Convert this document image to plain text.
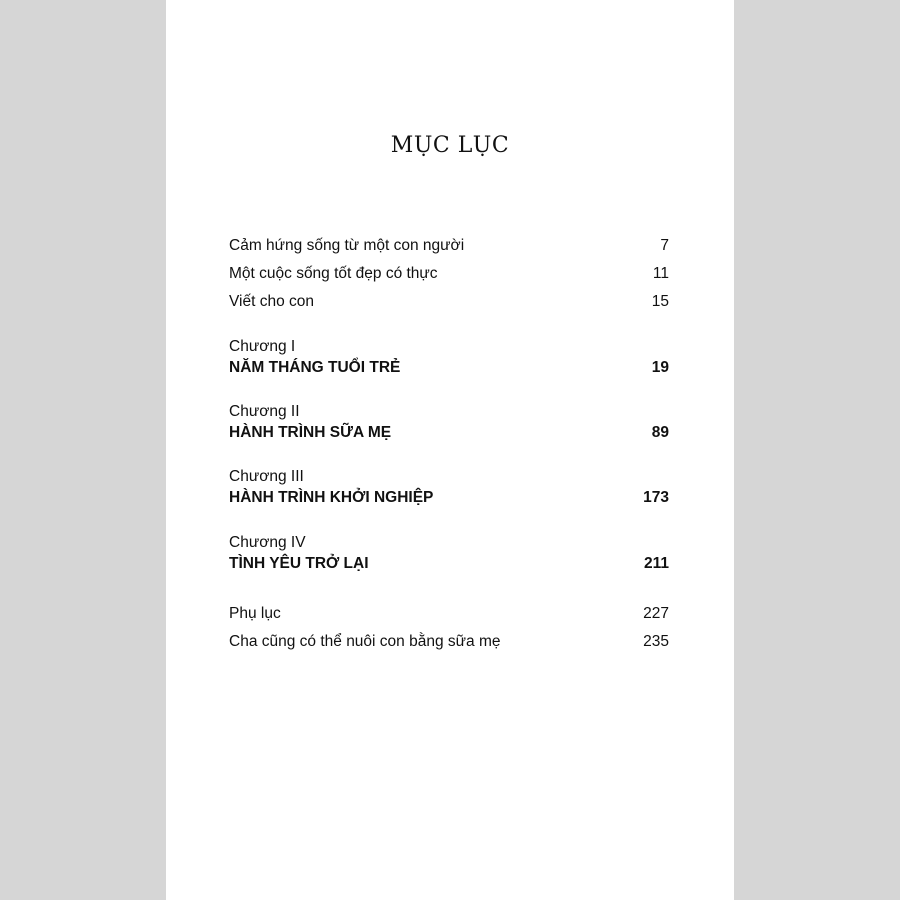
MỤC LỤC
Cảm hứng sống từ một con người	7
Một cuộc sống tốt đẹp có thực	11
Viết cho con	15
Chương I
NĂM THÁNG TUỔI TRẺ	19
Chương II
HÀNH TRÌNH SỮA MẸ	89
Chương III
HÀNH TRÌNH KHỞI NGHIỆP	173
Chương IV
TÌNH YÊU TRỞ LẠI	211
Phụ lục	227
Cha cũng có thể nuôi con bằng sữa mẹ	235
